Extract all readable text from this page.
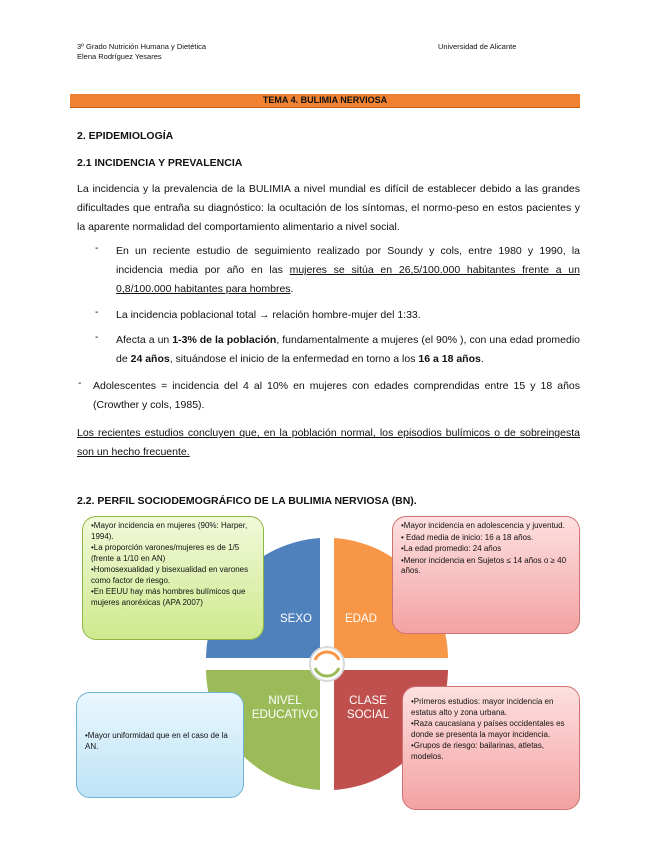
3º Grado Nutrición Humana y Dietética
Elena Rodríguez Yesares
Universidad de Alicante
TEMA 4. BULIMIA NERVIOSA
2. EPIDEMIOLOGÍA
2.1 INCIDENCIA Y PREVALENCIA
La incidencia y la prevalencia de la BULIMIA a nivel mundial es difícil de establecer debido a las grandes dificultades que entraña su diagnóstico: la ocultación de los síntomas, el normo-peso en estos pacientes y la aparente normalidad del comportamiento alimentario a nivel social.
- En un reciente estudio de seguimiento realizado por Soundy y cols, entre 1980 y 1990, la incidencia media por año en las mujeres se sitúa en 26,5/100.000 habitantes frente a un 0,8/100.000 habitantes para hombres.
- La incidencia poblacional total → relación hombre-mujer del 1:33.
- Afecta a un 1-3% de la población, fundamentalmente a mujeres (el 90% ), con una edad promedio de 24 años, situándose el inicio de la enfermedad en torno a los 16 a 18 años.
- Adolescentes = incidencia del 4 al 10% en mujeres con edades comprendidas entre 15 y 18 años (Crowther y cols, 1985).
Los recientes estudios concluyen que, en la población normal, los episodios bulímicos o de sobreingesta son un hecho frecuente.
2.2. PERFIL SOCIODEMOGRÁFICO DE LA BULIMIA NERVIOSA (BN).
SEXO	EDAD
NIVEL
EDUCATIVO
CLASE
SOCIAL
•Mayor incidencia en mujeres (90%: Harper, 1994).
•La proporción varones/mujeres es de 1/5 (frente a 1/10 en AN)
•Homosexualidad y bisexualidad en varones como factor de riesgo.
•En EEUU hay más hombres bulímicos que mujeres anoréxicas (APA 2007)
•Mayor incidencia en adolescencia y juventud.
• Edad media de inicio: 16 a 18 años.
•La edad promedio: 24 años
•Menor incidencia en Sujetos ≤ 14 años o ≥ 40 años.
•Mayor uniformidad que en el caso de la AN.
•Primeros estudios: mayor incidencia en estatus alto y zona urbana.
•Raza caucasiana y países occidentales es donde se presenta la mayor incidencia.
•Grupos de riesgo: bailarinas, atletas, modelos.
